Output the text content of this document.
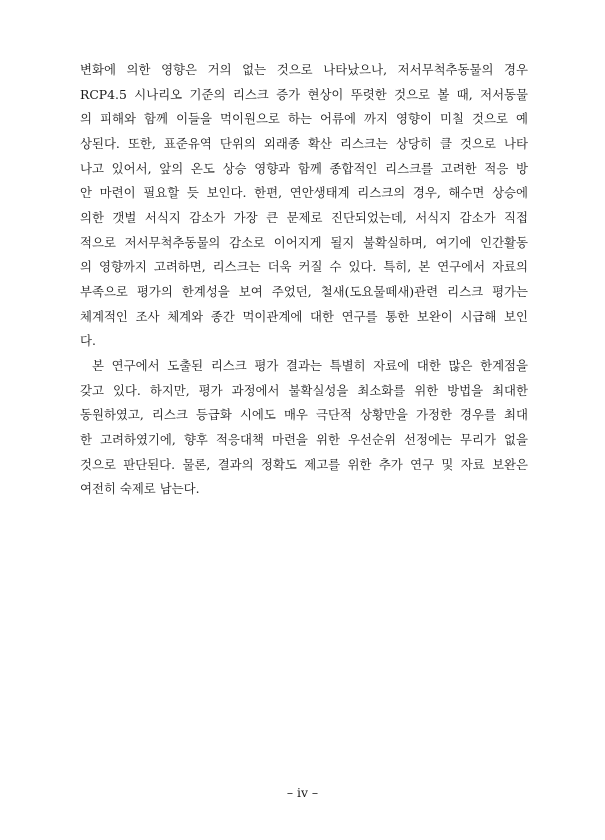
변화에 의한 영향은 거의 없는 것으로 나타났으나, 저서무척추동물의 경우
RCP4.5 시나리오 기준의 리스크 증가 현상이 뚜렷한 것으로 볼 때, 저서동물
의 피해와 함께 이들을 먹이원으로 하는 어류에 까지 영향이 미칠 것으로 예
상된다. 또한, 표준유역 단위의 외래종 확산 리스크는 상당히 클 것으로 나타
나고 있어서, 앞의 온도 상승 영향과 함께 종합적인 리스크를 고려한 적응 방
안 마련이 필요할 듯 보인다. 한편, 연안생태계 리스크의 경우, 해수면 상승에
의한 갯벌 서식지 감소가 가장 큰 문제로 진단되었는데, 서식지 감소가 직접
적으로 저서무척추동물의 감소로 이어지게 될지 불확실하며, 여기에 인간활동
의 영향까지 고려하면, 리스크는 더욱 커질 수 있다. 특히, 본 연구에서 자료의
부족으로 평가의 한계성을 보여 주었던, 철새(도요물떼새)관련 리스크 평가는
체계적인 조사 체계와 종간 먹이관계에 대한 연구를 통한 보완이 시급해 보인
다.
본 연구에서 도출된 리스크 평가 결과는 특별히 자료에 대한 많은 한계점을
갖고 있다. 하지만, 평가 과정에서 불확실성을 최소화를 위한 방법을 최대한
동원하였고, 리스크 등급화 시에도 매우 극단적 상황만을 가정한 경우를 최대
한 고려하였기에, 향후 적응대책 마련을 위한 우선순위 선정에는 무리가 없을
것으로 판단된다. 물론, 결과의 정확도 제고를 위한 추가 연구 및 자료 보완은
여전히 숙제로 남는다.
– iv –
